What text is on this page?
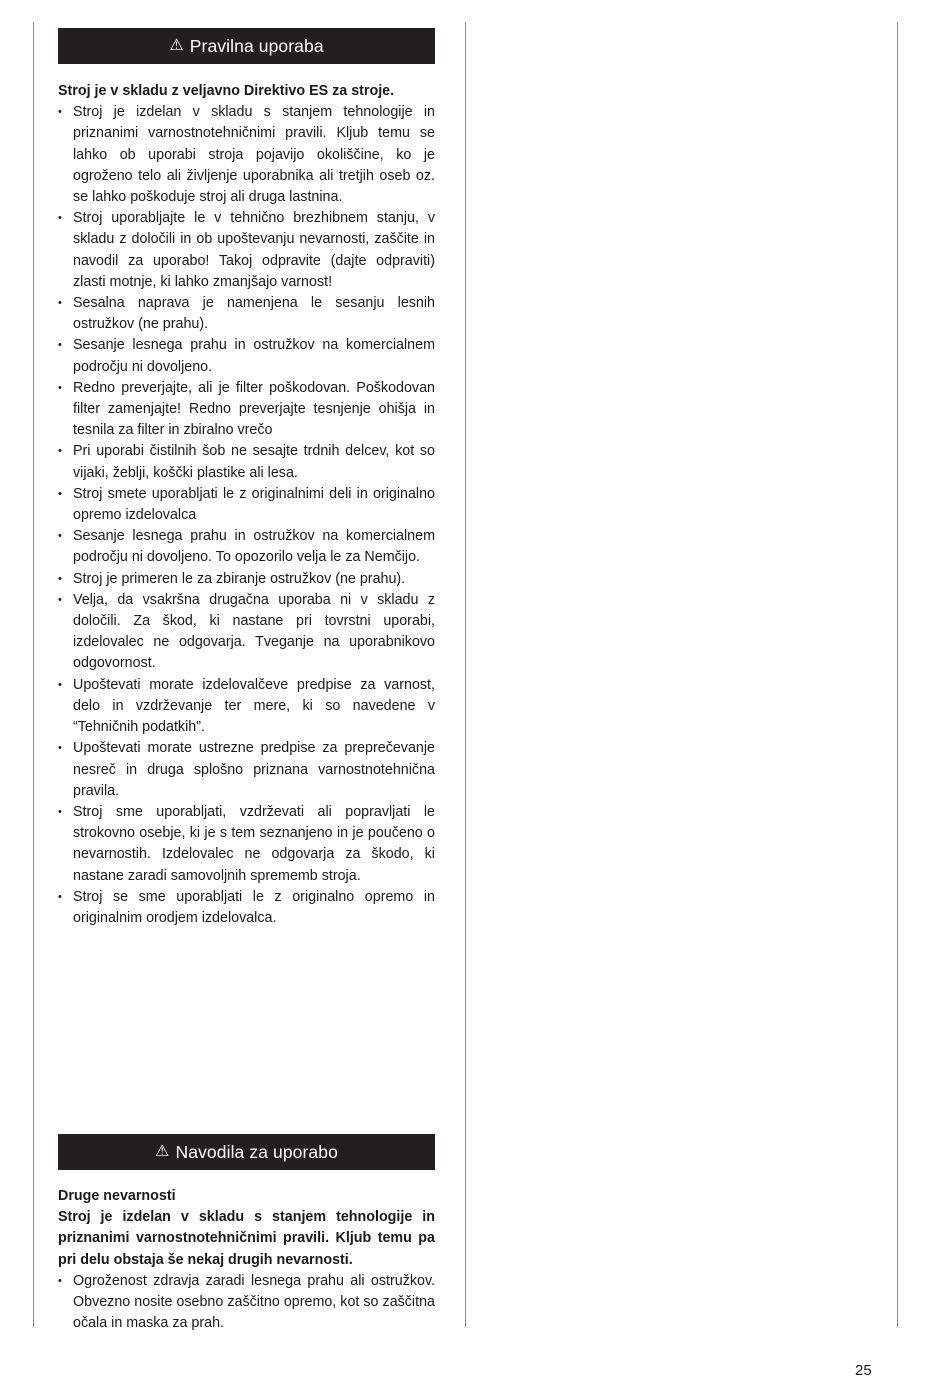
⚠ Pravilna uporaba

Stroj je v skladu z veljavno Direktivo ES za stroje.

• Stroj je izdelan v skladu s stanjem tehnologije in priznanimi varnostnotehničnimi pravili. Kljub temu se lahko ob uporabi stroja pojavijo okoliščine, ko je ogroženo telo ali življenje uporabnika ali tretjih oseb oz. se lahko poškoduje stroj ali druga lastnina.
• Stroj uporabljajte le v tehnično brezhibnem stanju, v skladu z določili in ob upoštevanju nevarnosti, zaščite in navodil za uporabo! Takoj odpravite (dajte odpraviti) zlasti motnje, ki lahko zmanjšajo varnost!
• Sesalna naprava je namenjena le sesanju lesnih ostružkov (ne prahu).
• Sesanje lesnega prahu in ostružkov na komercialnem področju ni dovoljeno.
• Redno preverjajte, ali je filter poškodovan. Poškodovan filter zamenjajte! Redno preverjajte tesnjenje ohišja in tesnila za filter in zbiralno vrečo
• Pri uporabi čistilnih šob ne sesajte trdnih delcev, kot so vijaki, žeblji, koščki plastike ali lesa.
• Stroj smete uporabljati le z originalnimi deli in originalno opremo izdelovalca
• Sesanje lesnega prahu in ostružkov na komercialnem področju ni dovoljeno. To opozorilo velja le za Nemčijo.
• Stroj je primeren le za zbiranje ostružkov (ne prahu).
• Velja, da vsakršna drugačna uporaba ni v skladu z določili. Za škod, ki nastane pri tovrstni uporabi, izdelovalec ne odgovarja. Tveganje na uporabnikovo odgovornost.
• Upoštevati morate izdelovalčeve predpise za varnost, delo in vzdrževanje ter mere, ki so navedene v “Tehničnih podatkih”.
• Upoštevati morate ustrezne predpise za preprečevanje nesreč in druga splošno priznana varnostnotehnična pravila.
• Stroj sme uporabljati, vzdrževati ali popravljati le strokovno osebje, ki je s tem seznanjeno in je poučeno o nevarnostih. Izdelovalec ne odgovarja za škodo, ki nastane zaradi samovoljnih sprememb stroja.
• Stroj se sme uporabljati le z originalno opremo in originalnim orodjem izdelovalca.
⚠ Navodila za uporabo

Druge nevarnosti

Stroj je izdelan v skladu s stanjem tehnologije in priznanimi varnostnotehničnimi pravili. Kljub temu pa pri delu obstaja še nekaj drugih nevarnosti.

• Ogroženost zdravja zaradi lesnega prahu ali ostružkov. Obvezno nosite osebno zaščitno opremo, kot so zaščitna očala in maska za prah.
25
